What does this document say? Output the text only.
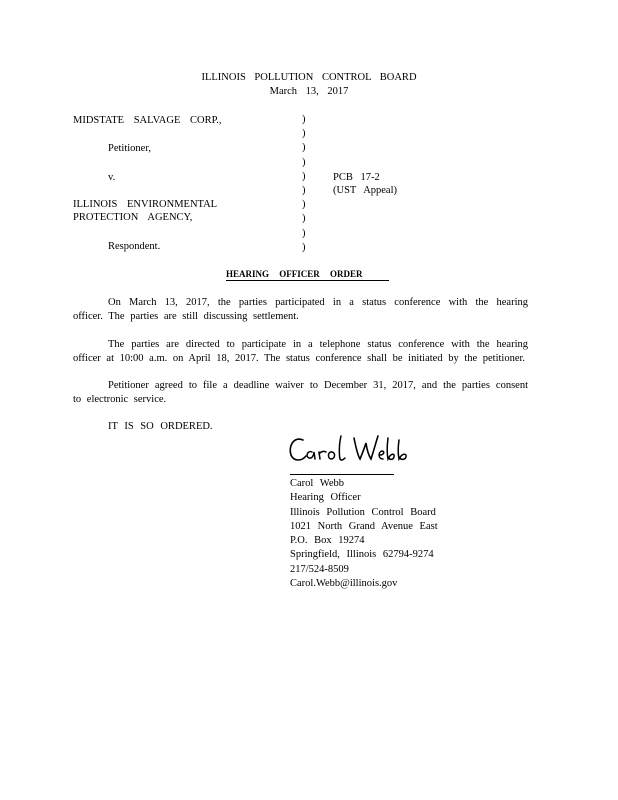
ILLINOIS POLLUTION CONTROL BOARD
March 13, 2017
MIDSTATE SALVAGE CORP.,
Petitioner,
v.
ILLINOIS ENVIRONMENTAL
PROTECTION AGENCY,
Respondent.
)
)
)
)
)
)
)
)
)
)
PCB 17-2
(UST Appeal)
HEARING OFFICER ORDER
On March 13, 2017, the parties participated in a status conference with the hearing officer. The parties are still discussing settlement.
The parties are directed to participate in a telephone status conference with the hearing officer at 10:00 a.m. on April 18, 2017. The status conference shall be initiated by the petitioner.
Petitioner agreed to file a deadline waiver to December 31, 2017, and the parties consent to electronic service.
IT IS SO ORDERED.
Carol Webb
Hearing Officer
Illinois Pollution Control Board
1021 North Grand Avenue East
P.O. Box 19274
Springfield, Illinois 62794-9274
217/524-8509
Carol.Webb@illinois.gov
